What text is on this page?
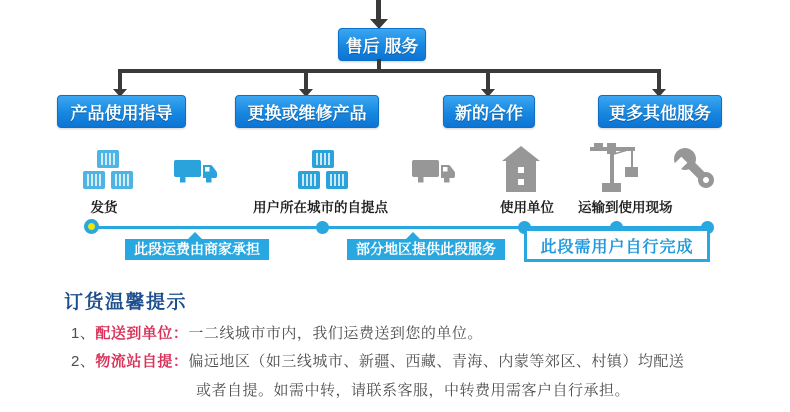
售后 服务
产品使用指导	更换或维修产品	新的合作	更多其他服务
发货	用户所在城市的自提点	使用单位 运输到使用现场
此段运费由商家承担	部分地区提供此段服务	此段需用户自行完成
订货温馨提示
1、配送到单位：一二线城市市内，我们运费送到您的单位。
2、物流站自提：偏远地区（如三线城市、新疆、西藏、青海、内蒙等郊区、村镇）均配送
或者自提。如需中转，请联系客服，中转费用需客户自行承担。
